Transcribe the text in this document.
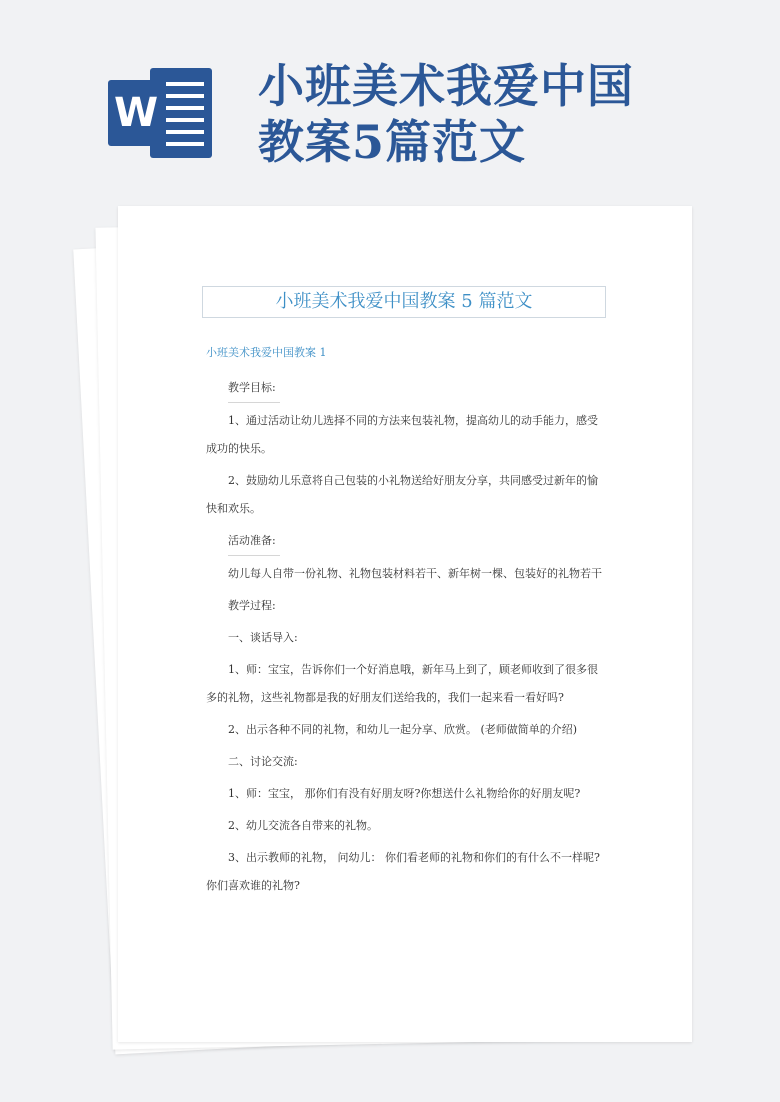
W 小班美术我爱中国
教案5篇范文
小班美术我爱中国教案 5 篇范文
小班美术我爱中国教案 1

教学目标:

1、通过活动让幼儿选择不同的方法来包装礼物，提高幼儿的动手能力，感受成功的快乐。

2、鼓励幼儿乐意将自己包装的小礼物送给好朋友分享，共同感受过新年的愉快和欢乐。

活动准备:

幼儿每人自带一份礼物、礼物包装材料若干、新年树一棵、包装好的礼物若干

教学过程:

一、谈话导入:

1、师：宝宝，告诉你们一个好消息哦，新年马上到了，顾老师收到了很多很多的礼物，这些礼物都是我的好朋友们送给我的，我们一起来看一看好吗?

2、出示各种不同的礼物，和幼儿一起分享、欣赏。 (老师做简单的介绍)

二、讨论交流:

1、师：宝宝， 那你们有没有好朋友呀?你想送什么礼物给你的好朋友呢?

2、幼儿交流各自带来的礼物。

3、出示教师的礼物， 问幼儿： 你们看老师的礼物和你们的有什么不一样呢?你们喜欢谁的礼物?
